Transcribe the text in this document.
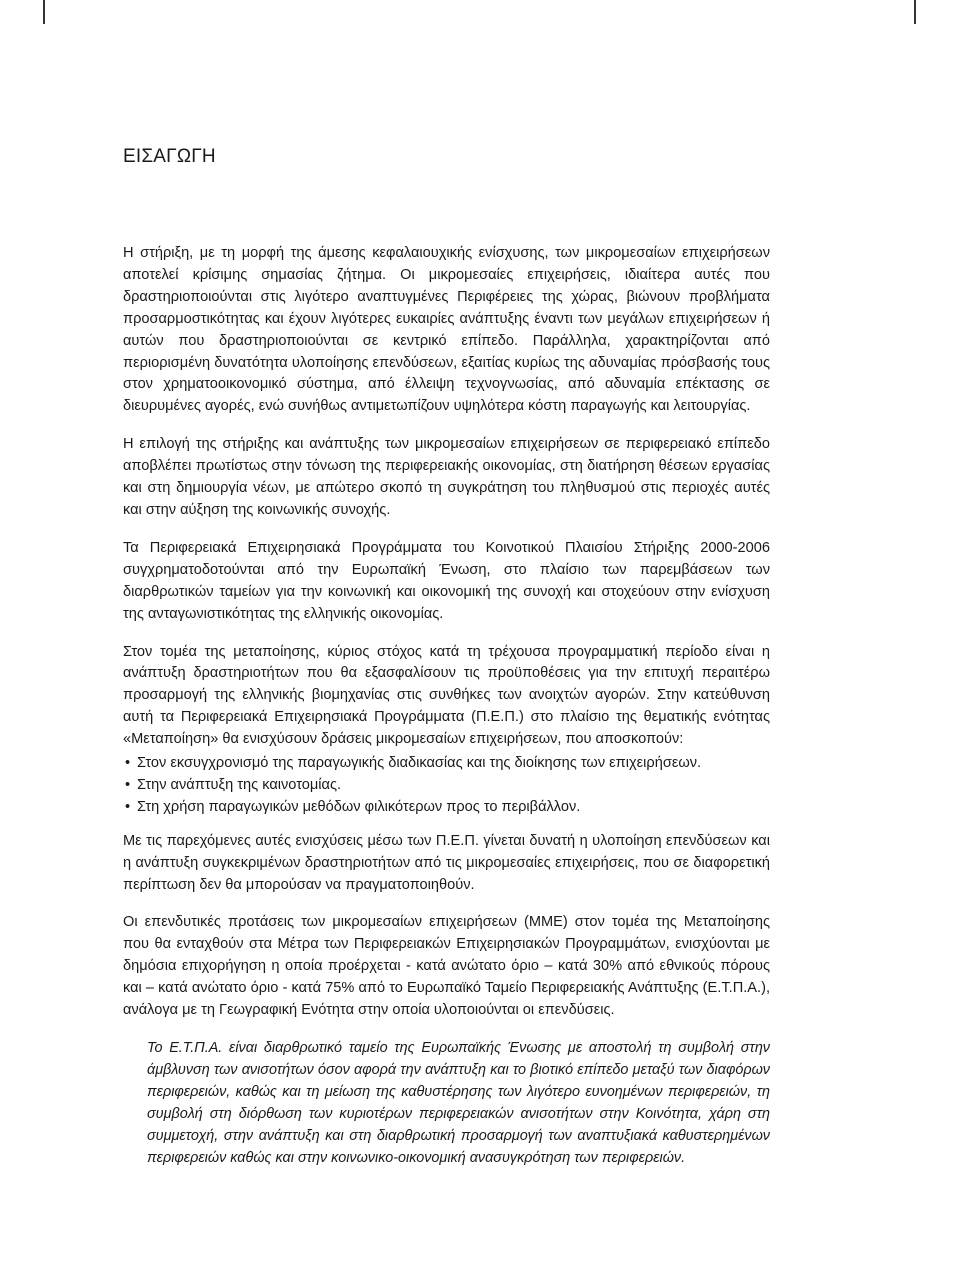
ΕΙΣΑΓΩΓΗ

Η στήριξη, με τη μορφή της άμεσης κεφαλαιουχικής ενίσχυσης, των μικρομεσαίων επιχειρήσεων αποτελεί κρίσιμης σημασίας ζήτημα. Οι μικρομεσαίες επιχειρήσεις, ιδιαίτερα αυτές που δραστηριοποιούνται στις λιγότερο αναπτυγμένες Περιφέρειες της χώρας, βιώνουν προβλήματα προσαρμοστικότητας και έχουν λιγότερες ευκαιρίες ανάπτυξης έναντι των μεγάλων επιχειρήσεων ή αυτών που δραστηριοποιούνται σε κεντρικό επίπεδο. Παράλληλα, χαρακτηρίζονται από περιορισμένη δυνατότητα υλοποίησης επενδύσεων, εξαιτίας κυρίως της αδυναμίας πρόσβασής τους στον χρηματοοικονομικό σύστημα, από έλλειψη τεχνογνωσίας, από αδυναμία επέκτασης σε διευρυμένες αγορές, ενώ συνήθως αντιμετωπίζουν υψηλότερα κόστη παραγωγής και λειτουργίας.

Η επιλογή της στήριξης και ανάπτυξης των μικρομεσαίων επιχειρήσεων σε περιφερειακό επίπεδο αποβλέπει πρωτίστως στην τόνωση της περιφερειακής οικονομίας, στη διατήρηση θέσεων εργασίας και στη δημιουργία νέων, με απώτερο σκοπό τη συγκράτηση του πληθυσμού στις περιοχές αυτές και στην αύξηση της κοινωνικής συνοχής.

Τα Περιφερειακά Επιχειρησιακά Προγράμματα του Κοινοτικού Πλαισίου Στήριξης 2000-2006 συγχρηματοδοτούνται από την Ευρωπαϊκή Ένωση, στο πλαίσιο των παρεμβάσεων των διαρθρωτικών ταμείων για την κοινωνική και οικονομική της συνοχή και στοχεύουν στην ενίσχυση της ανταγωνιστικότητας της ελληνικής οικονομίας.

Στον τομέα της μεταποίησης, κύριος στόχος κατά τη τρέχουσα προγραμματική περίοδο είναι η ανάπτυξη δραστηριοτήτων που θα εξασφαλίσουν τις προϋποθέσεις για την επιτυχή περαιτέρω προσαρμογή της ελληνικής βιομηχανίας στις συνθήκες των ανοιχτών αγορών. Στην κατεύθυνση αυτή τα Περιφερειακά Επιχειρησιακά Προγράμματα (Π.Ε.Π.) στο πλαίσιο της θεματικής ενότητας «Μεταποίηση» θα ενισχύσουν δράσεις μικρομεσαίων επιχειρήσεων, που αποσκοπούν:

• Στον εκσυγχρονισμό της παραγωγικής διαδικασίας και της διοίκησης των επιχειρήσεων.
• Στην ανάπτυξη της καινοτομίας.
• Στη χρήση παραγωγικών μεθόδων φιλικότερων προς το περιβάλλον.

Με τις παρεχόμενες αυτές ενισχύσεις μέσω των Π.Ε.Π. γίνεται δυνατή η υλοποίηση επενδύσεων και η ανάπτυξη συγκεκριμένων δραστηριοτήτων από τις μικρομεσαίες επιχειρήσεις, που σε διαφορετική περίπτωση δεν θα μπορούσαν να πραγματοποιηθούν.

Οι επενδυτικές προτάσεις των μικρομεσαίων επιχειρήσεων (ΜΜΕ) στον τομέα της Μεταποίησης που θα ενταχθούν στα Μέτρα των Περιφερειακών Επιχειρησιακών Προγραμμάτων, ενισχύονται με δημόσια επιχορήγηση η οποία προέρχεται - κατά ανώτατο όριο – κατά 30% από εθνικούς πόρους και – κατά ανώτατο όριο - κατά 75% από το Ευρωπαϊκό Ταμείο Περιφερειακής Ανάπτυξης (Ε.Τ.Π.Α.), ανάλογα με τη Γεωγραφική Ενότητα στην οποία υλοποιούνται οι επενδύσεις.

Το Ε.Τ.Π.Α. είναι διαρθρωτικό ταμείο της Ευρωπαϊκής Ένωσης με αποστολή τη συμβολή στην άμβλυνση των ανισοτήτων όσον αφορά την ανάπτυξη και το βιοτικό επίπεδο μεταξύ των διαφόρων περιφερειών, καθώς και τη μείωση της καθυστέρησης των λιγότερο ευνοημένων περιφερειών, τη συμβολή στη διόρθωση των κυριοτέρων περιφερειακών ανισοτήτων στην Κοινότητα, χάρη στη συμμετοχή, στην ανάπτυξη και στη διαρθρωτική προσαρμογή των αναπτυξιακά καθυστερημένων περιφερειών καθώς και στην κοινωνικο-οικονομική ανασυγκρότηση των περιφερειών.
